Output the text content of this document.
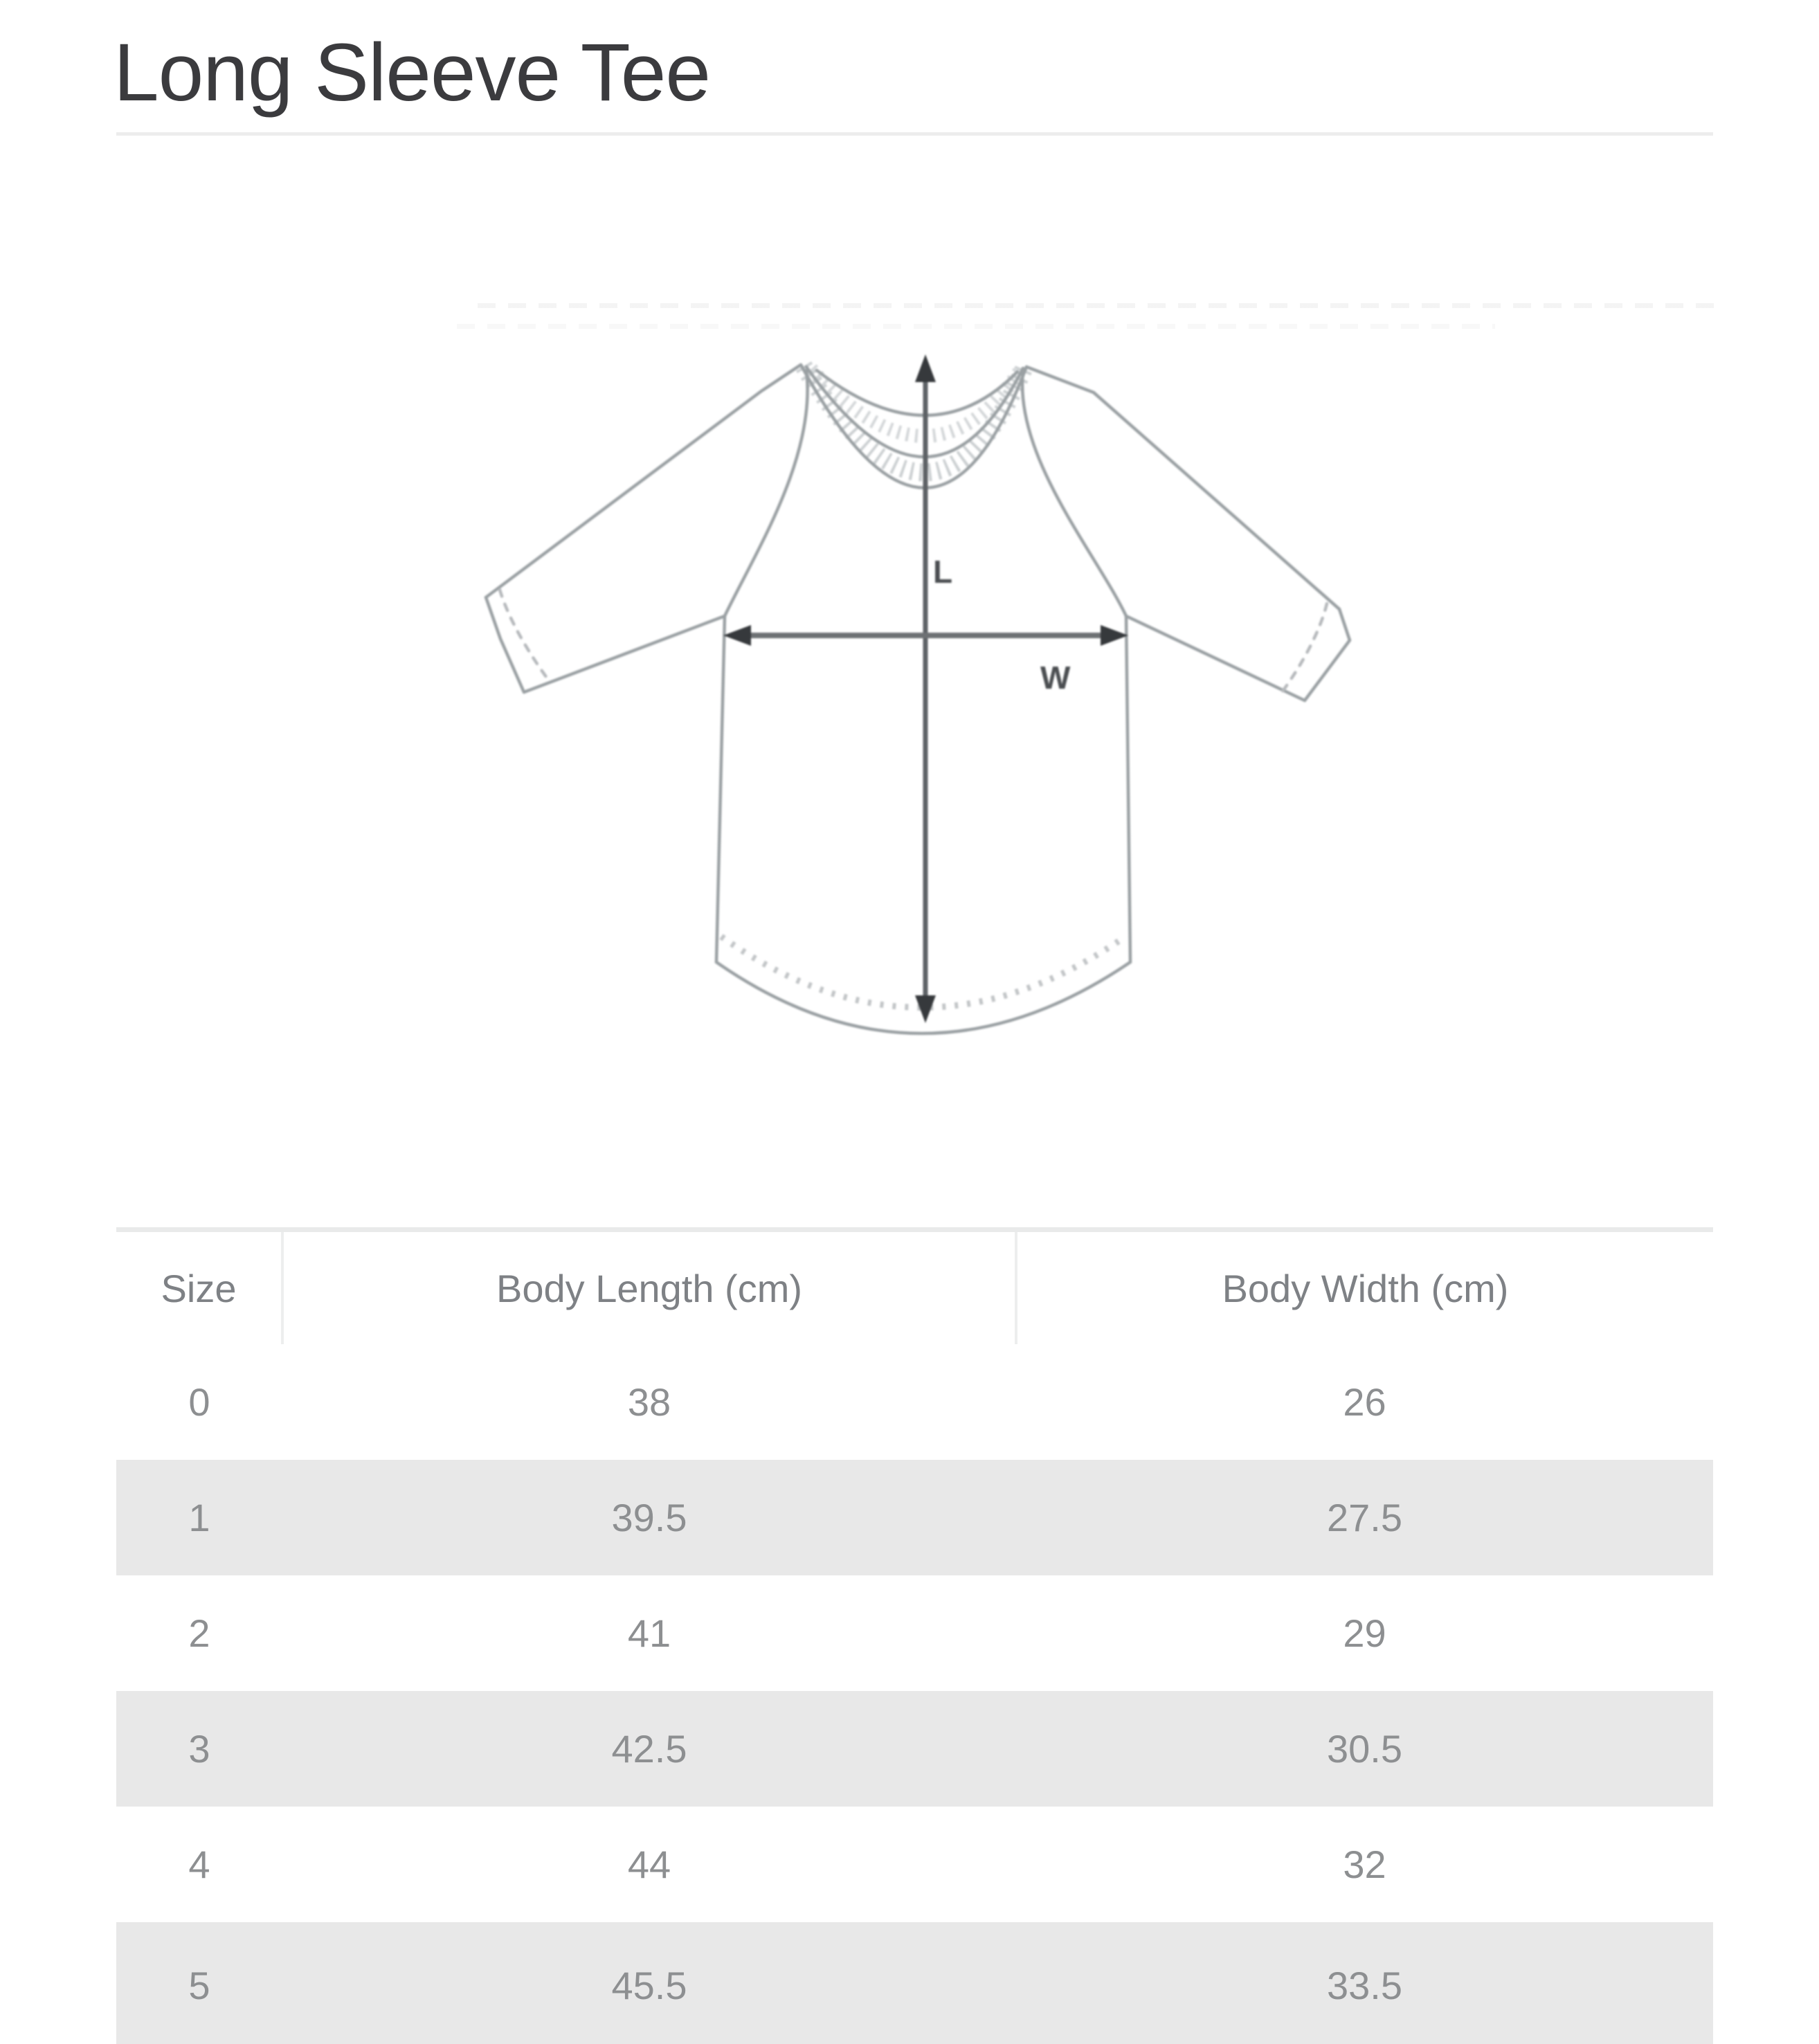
Long Sleeve Tee
L
W
Size	Body Length (cm)	Body Width (cm)
0	38	26
1	39.5	27.5
2	41	29
3	42.5	30.5
4	44	32
5	45.5	33.5
